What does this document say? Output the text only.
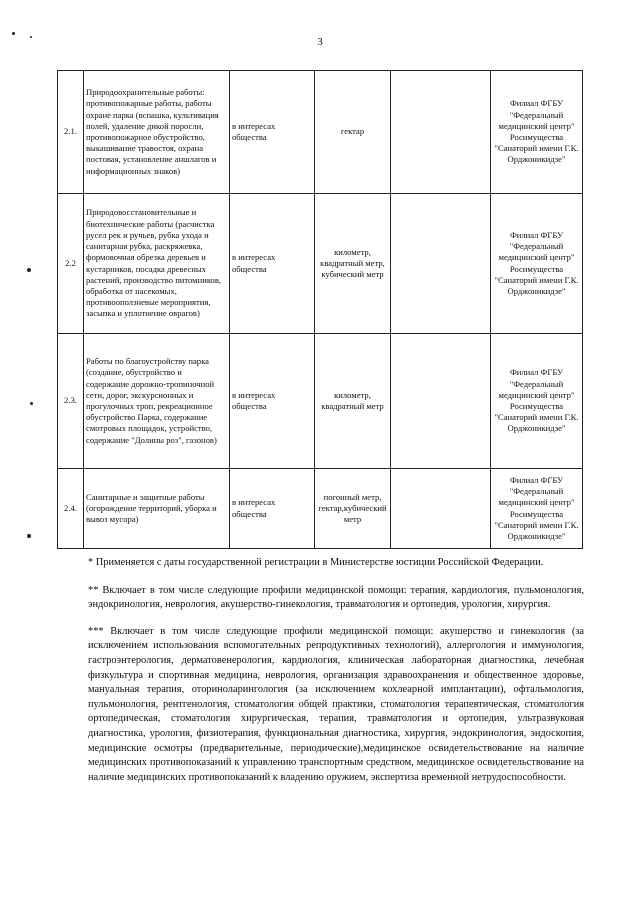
3
2.1.	Природоохранительные работы: противопожарные работы, работы охране парка (вспашка, культивация полей, удаление дикой поросли, противопожарное обустройство, выкашивание травостоя, охрана постовая, установление аншлагов и информационных знаков)	в интересах общества	гектар		Филиал ФГБУ "Федеральный медицинский центр" Росимущества "Санаторий имени Г.К. Орджоникидзе"
2.2	Природовосстановительные и биотехнические работы (расчистка русел рек и ручьев, рубка ухода и санитарная рубка, раскряжевка, формовочная обрезка деревьев и кустарников, посадка древесных растений, производство питомников, обработка от насекомых, противооползневые мероприятия, засыпка и уплотнение оврагов)	в интересах общества	километр, квадратный метр, кубический метр		Филиал ФГБУ "Федеральный медицинский центр" Росимущества "Санаторий имени Г.К. Орджоникидзе"
2.3.	Работы по благоустройству парка (создание, обустройство и содержание дорожно-тропиночной сети, дорог, экскурсионных и прогулочных троп, рекреационное обустройство Парка, содержание смотровых площадок, устройство, содержание "Долины роз", газонов)	в интересах общества	километр, квадратный метр		Филиал ФГБУ "Федеральный медицинский центр" Росимущества "Санаторий имени Г.К. Орджоникидзе"
2.4.	Санитарные и защитные работы (огорождение территорий, уборка и вывоз мусора)	в интересах общества	погонный метр, гектар,кубический метр		Филиал ФГБУ "Федеральный медицинский центр" Росимущества "Санаторий имени Г.К. Орджоникидзе"

* Применяется с даты государственной регистрации в Министерстве юстиции Российской Федерации.

** Включает в том числе следующие профили медицинской помощи: терапия, кардиология, пульмонология, эндокринология, неврология, акушерство-гинекология, травматология и ортопедия, урология, хирургия.

*** Включает в том числе следующие профили медицинской помощи: акушерство и гинекология (за исключением использования вспомогательных репродуктивных технологий), аллергология и иммунология, гастроэнтерология, дерматовенерология, кардиология, клиническая лабораторная диагностика, лечебная физкультура и спортивная медицина, неврология, организация здравоохранения и общественное здоровье, мануальная терапия, оториноларингология (за исключением кохлеарной имплантации), офтальмология, пульмонология, рентгенология, стоматология общей практики, стоматология терапевтическая, стоматология ортопедическая, стоматология хирургическая, терапия, травматология и ортопедия, ультразвуковая диагностика, урология, физиотерапия, функциональная диагностика, хирургия, эндокринология, эндоскопия, медицинские осмотры (предварительные, периодические),медицинское освидетельствование на наличие медицинских противопоказаний к управлению транспортным средством, медицинское освидетельствование на наличие медицинских противопоказаний к владению оружием, экспертиза временной нетрудоспособности.
